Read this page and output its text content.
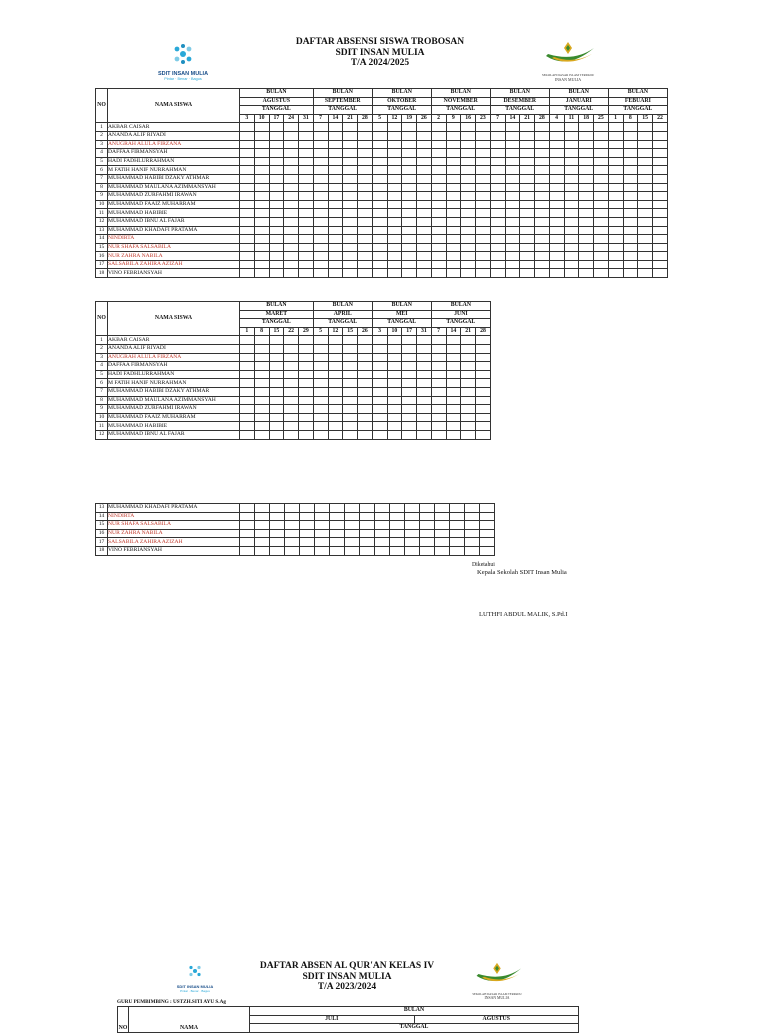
SDIT INSAN MULIA
Pintar · Benar · Bagus
DAFTAR ABSENSI SISWA TROBOSAN
SDIT INSAN MULIA
T/A 2024/2025
SEKOLAH DASAR ISLAM TERPADU
INSAN MULIA
NO	NAMA SISWA	BULAN					BULAN				BULAN				BULAN				BULAN				BULAN				BULAN			
		AGUSTUS					SEPTEMBER				OKTOBER				NOVEMBER				DESEMBER				JANUARI				FEBUARI			
		TANGGAL					TANGGAL				TANGGAL				TANGGAL				TANGGAL				TANGGAL				TANGGAL			
		3	10	17	24	31	7	14	21	28	5	12	19	26	2	9	16	23	7	14	21	28	4	11	18	25	1	8	15	22
1	AKBAR CAISAR																													
2	ANANDA ALIF RIYADI																													
3	ANUGRAH ALULA FIRZANA																													
4	DAFFAA FIRMANSYAH																													
5	HADI FADHLURRAHMAN																													
6	M FATIH HANIF NURRAHMAN																													
7	MUHAMMAD HABIBI DZAKY ATHMAR																													
8	MUHAMMAD MAULANA AZIMMANSYAH																													
9	MUHAMMAD ZURFAHMI IRAWAN																													
10	MUHAMMAD FAAIZ MUHARRAM																													
11	MUHAMMAD HABIBIE																													
12	MUHAMMAD IBNU AL FAJAR																													
13	MUHAMMAD KHADAFI PRATAMA																													
14	NINDIRTA																													
15	NUR SHAFA SALSABILA																													
16	NUR ZAHRA NABILA																													
17	SALSABILA ZAHIRA AZIZAH																													
18	VINO FEBRIANSYAH																													
NO	NAMA SISWA	BULAN					BULAN				BULAN				BULAN			
		MARET					APRIL				MEI				JUNI			
		TANGGAL					TANGGAL				TANGGAL				TANGGAL			
		1	8	15	22	29	5	12	15	26	3	10	17	31	7	14	21	28
1	AKBAR CAISAR																	
2	ANANDA ALIF RIYADI																	
3	ANUGRAH ALULA FIRZANA																	
4	DAFFAA FIRMANSYAH																	
5	HADI FADHLURRAHMAN																	
6	M FATIH HANIF NURRAHMAN																	
7	MUHAMMAD HABIBI DZAKY ATHMAR																	
8	MUHAMMAD MAULANA AZIMMANSYAH																	
9	MUHAMMAD ZURFAHMI IRAWAN																	
10	MUHAMMAD FAAIZ MUHARRAM																	
11	MUHAMMAD HABIBIE																	
12	MUHAMMAD IBNU AL FAJAR																	
13	MUHAMMAD KHADAFI PRATAMA																	
14	NINDIRTA																	
15	NUR SHAFA SALSABILA																	
16	NUR ZAHRA NABILA																	
17	SALSABILA ZAHIRA AZIZAH																	
18	VINO FEBRIANSYAH																	
Diketahui
Kepala Sekolah SDIT Insan Mulia
LUTHFI ABDUL MALIK, S.Pd.I
SDIT INSAN MULIA
Pintar · Benar · Bagus
DAFTAR ABSEN AL QUR'AN KELAS IV
SDIT INSAN MULIA
T/A 2023/2024
SEKOLAH DASAR ISLAM TERPADU
INSAN MULIA
GURU PEMBIMBING : USTZH.SITI AYU S.Ag
NO	NAMA	BULAN	
		JULI	AGUSTUS
		TANGGAL	
